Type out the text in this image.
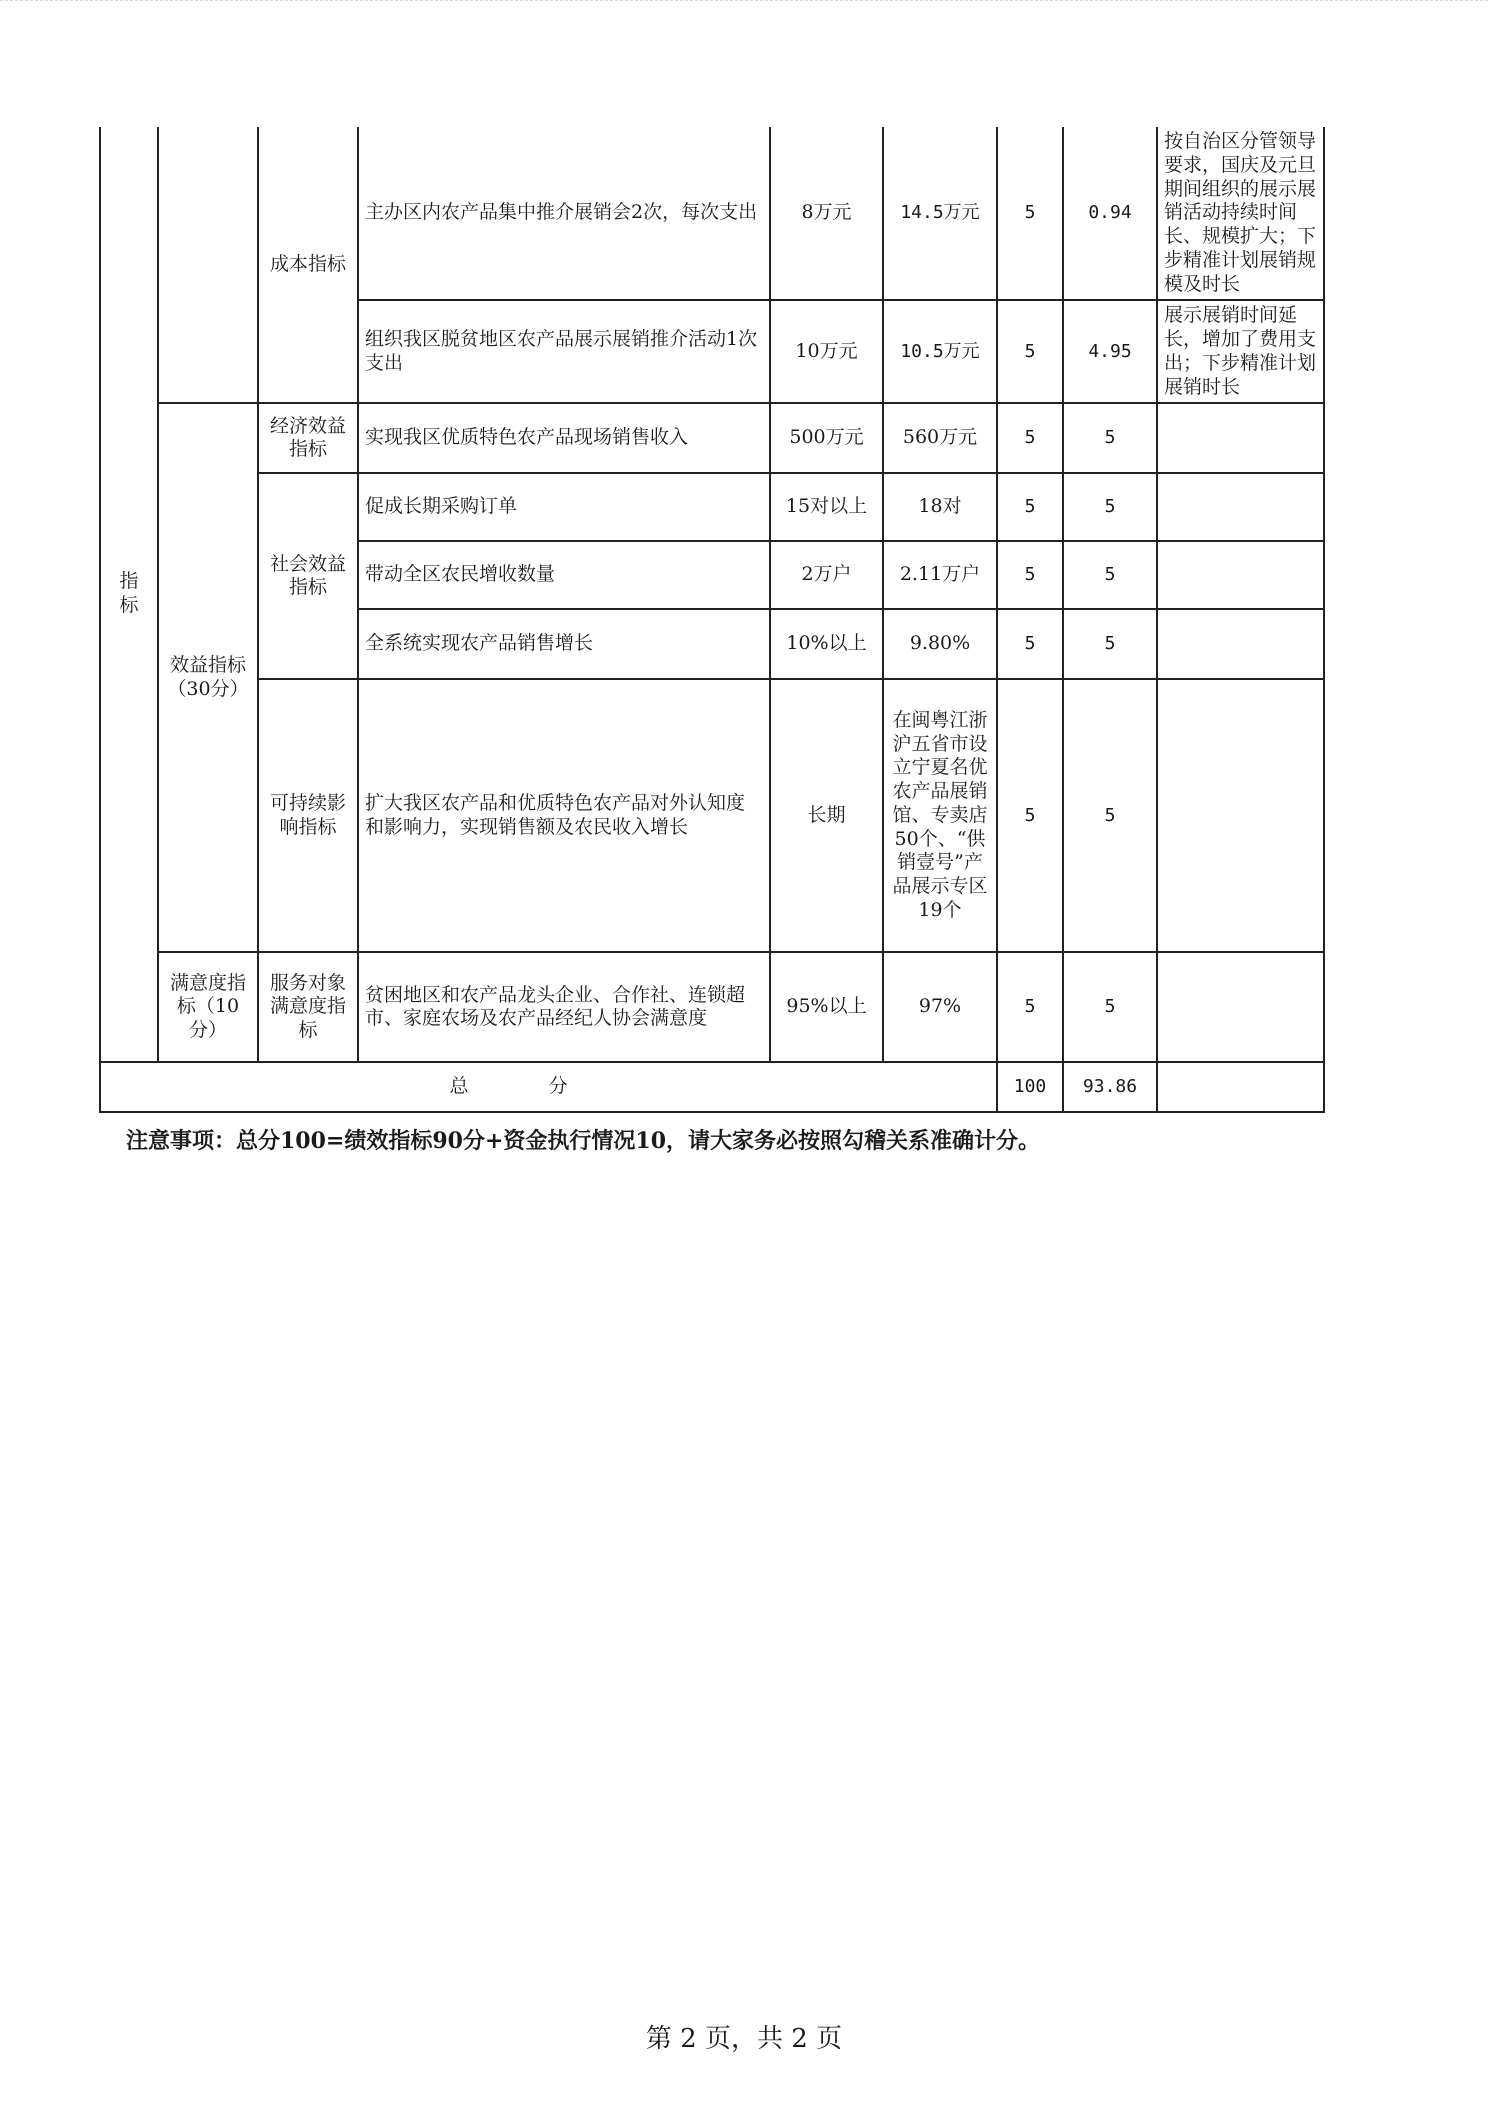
指 标		成本指标	主办区内农产品集中推介展销会2次，每次支出	8万元	14.5万元	5	0.94	按自治区分管领导要求，国庆及元旦期间组织的展示展销活动持续时间长、规模扩大；下步精准计划展销规模及时长
			组织我区脱贫地区农产品展示展销推介活动1次支出	10万元	10.5万元	5	4.95	展示展销时间延长，增加了费用支出；下步精准计划展销时长
	效益指标（30分）	经济效益指标	实现我区优质特色农产品现场销售收入	500万元	560万元	5	5	
		社会效益指标	促成长期采购订单	15对以上	18对	5	5	
			带动全区农民增收数量	2万户	2.11万户	5	5	
			全系统实现农产品销售增长	10%以上	9.80%	5	5	
		可持续影响指标	扩大我区农产品和优质特色农产品对外认知度和影响力，实现销售额及农民收入增长	长期	在闽粤江浙沪五省市设立宁夏名优农产品展销馆、专卖店50个、“供销壹号”产品展示专区19个	5	5	
	满意度指标（10分）	服务对象满意度指标	贫困地区和农产品龙头企业、合作社、连锁超市、家庭农场及农产品经纪人协会满意度	95%以上	97%	5	5	
总分						100	93.86	
注意事项：总分100=绩效指标90分+资金执行情况10，请大家务必按照勾稽关系准确计分。
第 2 页，共 2 页
